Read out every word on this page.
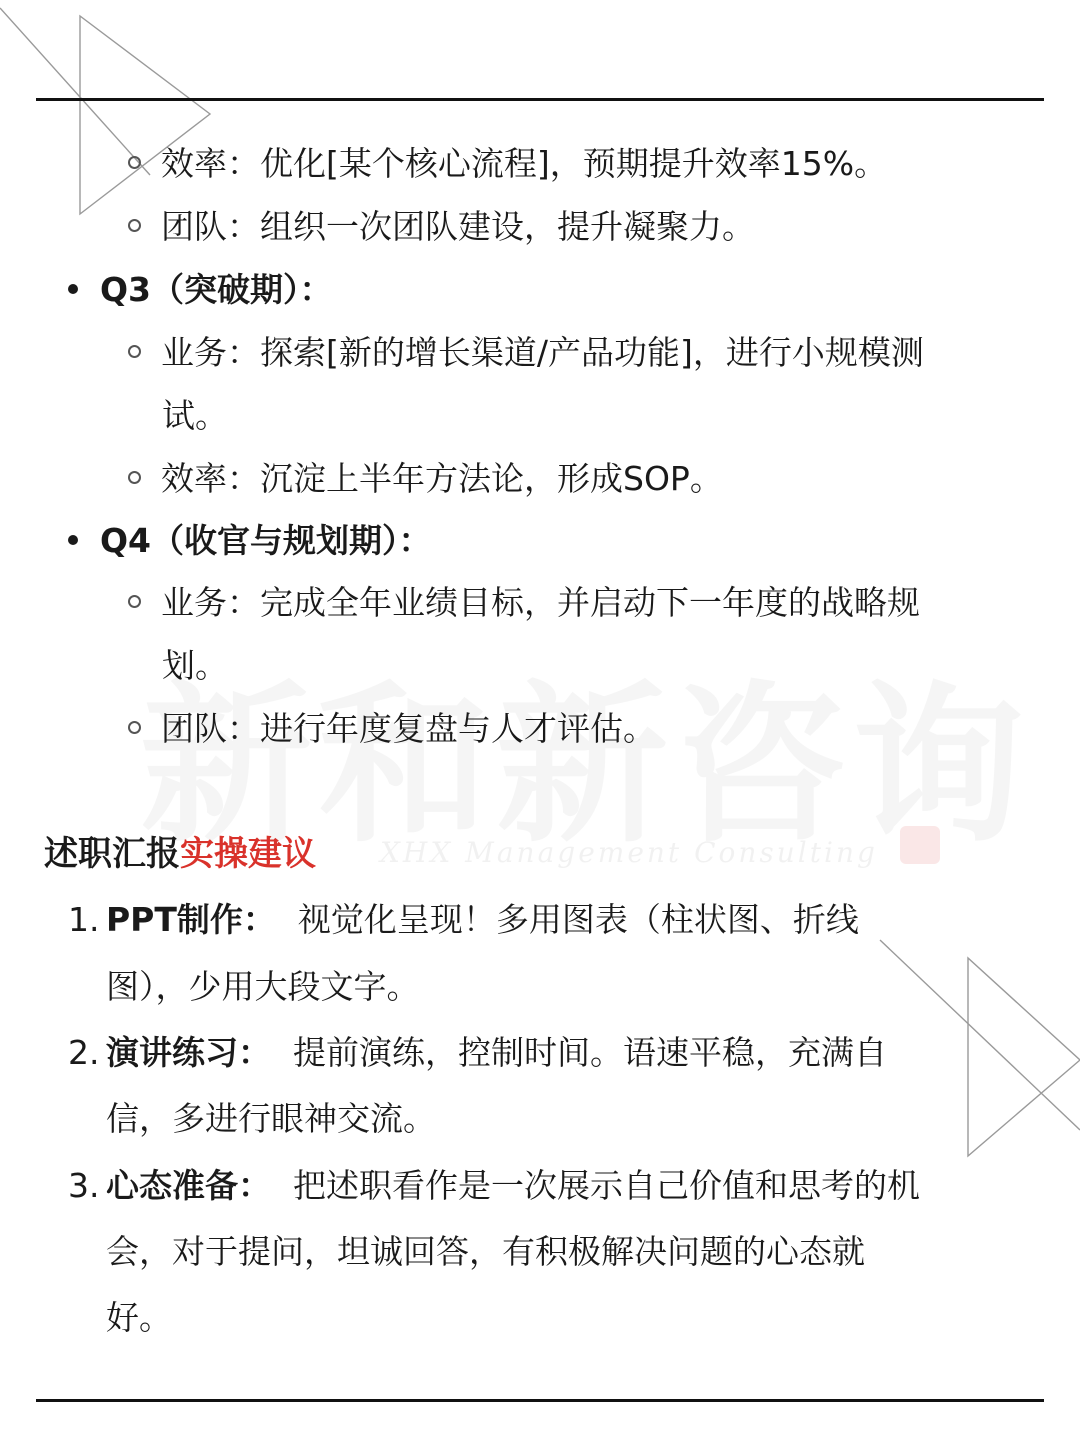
XHX Management Consulting
效率：优化[某个核心流程]，预期提升效率15%。
团队：组织一次团队建设，提升凝聚力。
Q3（突破期）：
业务：探索[新的增长渠道/产品功能]，进行小规模测
试。
效率：沉淀上半年方法论，形成SOP。
Q4（收官与规划期）：
业务：完成全年业绩目标，并启动下一年度的战略规
划。
团队：进行年度复盘与人才评估。
述职汇报实操建议
1. PPT制作： 视觉化呈现！多用图表（柱状图、折线
图），少用大段文字。
2. 演讲练习： 提前演练，控制时间。语速平稳，充满自
信，多进行眼神交流。
3. 心态准备： 把述职看作是一次展示自己价值和思考的机
会，对于提问，坦诚回答，有积极解决问题的心态就
好。
